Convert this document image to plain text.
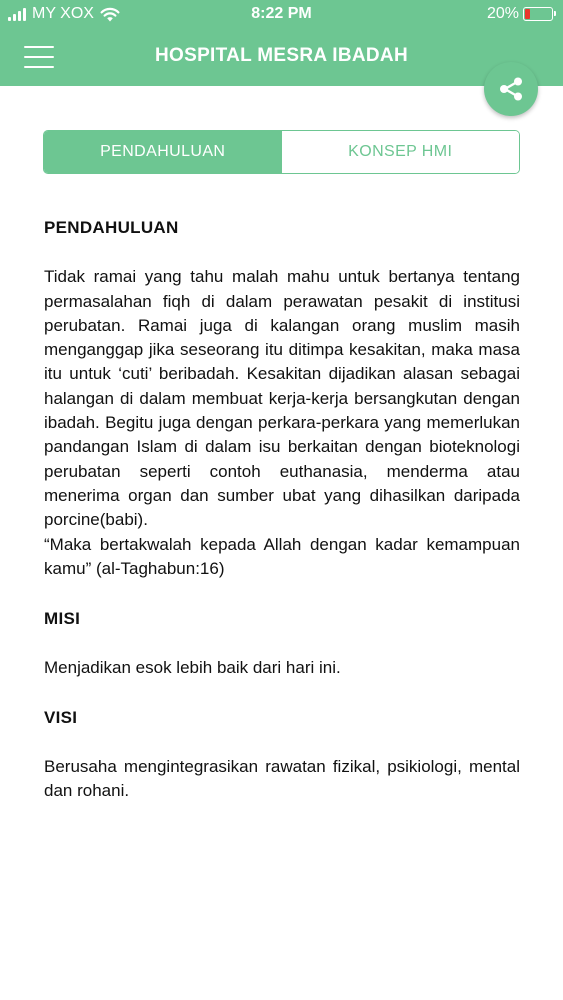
MY XOX	8:22 PM	20%
HOSPITAL MESRA IBADAH
PENDAHULUAN	KONSEP HMI
PENDAHULUAN
Tidak ramai yang tahu malah mahu untuk bertanya tentang permasalahan fiqh di dalam perawatan pesakit di institusi perubatan. Ramai juga di kalangan orang muslim masih menganggap jika seseorang itu ditimpa kesakitan, maka masa itu untuk ‘cuti’ beribadah. Kesakitan dijadikan alasan sebagai halangan di dalam membuat kerja-kerja bersangkutan dengan ibadah. Begitu juga dengan perkara-perkara yang memerlukan pandangan Islam di dalam isu berkaitan dengan bioteknologi perubatan seperti contoh euthanasia, menderma atau menerima organ dan sumber ubat yang dihasilkan daripada porcine(babi).
“Maka bertakwalah kepada Allah dengan kadar kemampuan kamu” (al-Taghabun:16)
MISI
Menjadikan esok lebih baik dari hari ini.
VISI
Berusaha mengintegrasikan rawatan fizikal, psikiologi, mental dan rohani.
